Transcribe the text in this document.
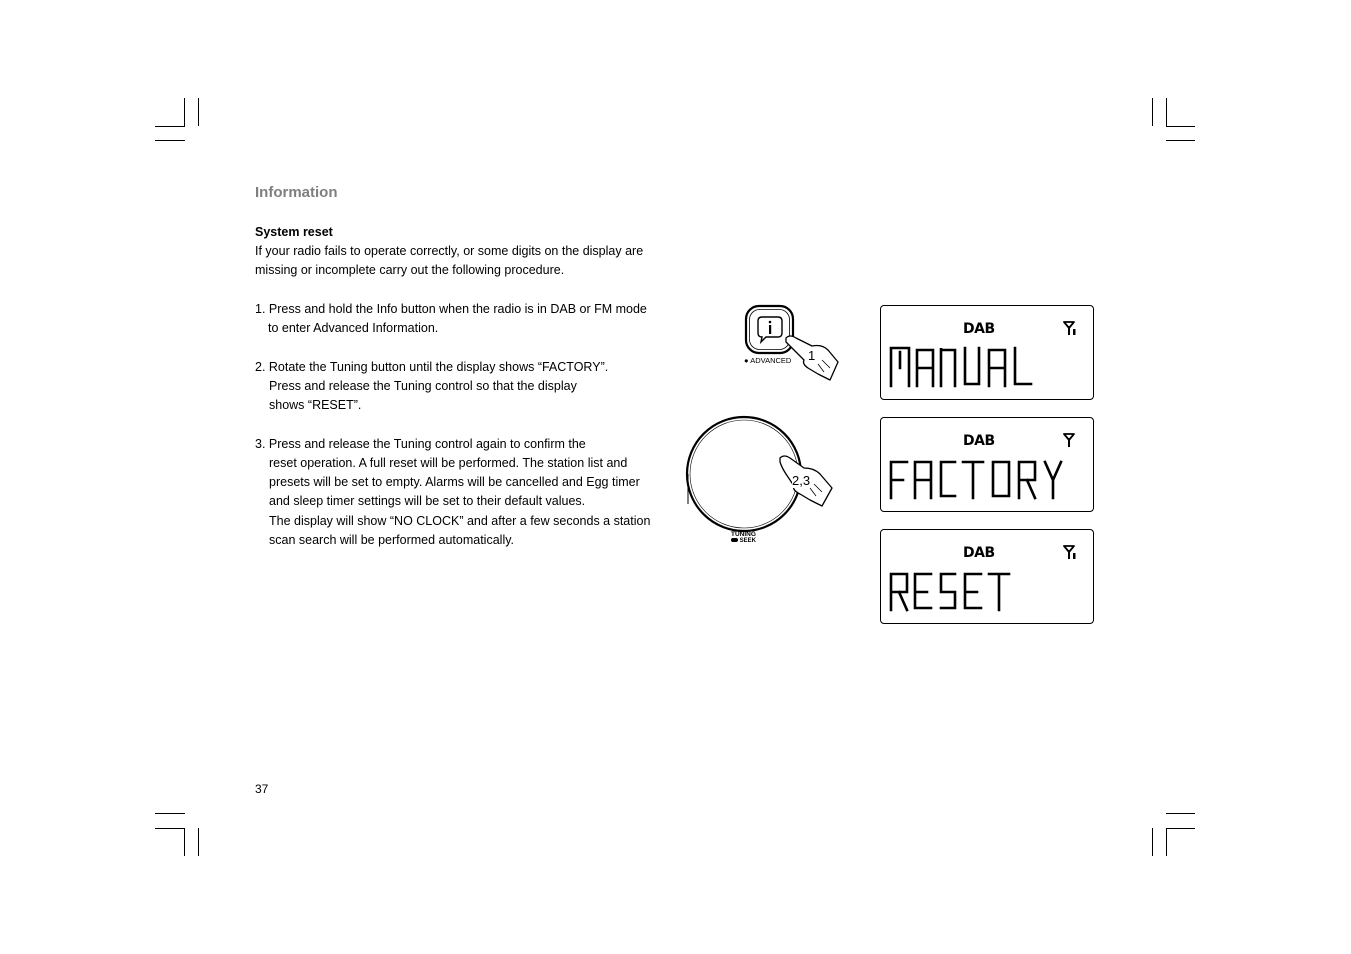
Information
System reset
If your radio fails to operate correctly, or some digits on the display are
missing or incomplete carry out the following procedure.
1. Press and hold the Info button when the radio is in DAB or FM mode
to enter Advanced Information.
2. Rotate the Tuning button until the display shows “FACTORY”.
Press and release the Tuning control so that the display
shows “RESET”.
3. Press and release the Tuning control again to confirm the
reset operation. A full reset will be performed. The station list and
presets will be set to empty. Alarms will be cancelled and Egg timer
and sleep timer settings will be set to their default values.
The display will show “NO CLOCK” and after a few seconds a station
scan search will be performed automatically.
● ADVANCED 1
2,3
TUNING
SEEK
DAB
DAB
DAB
37
